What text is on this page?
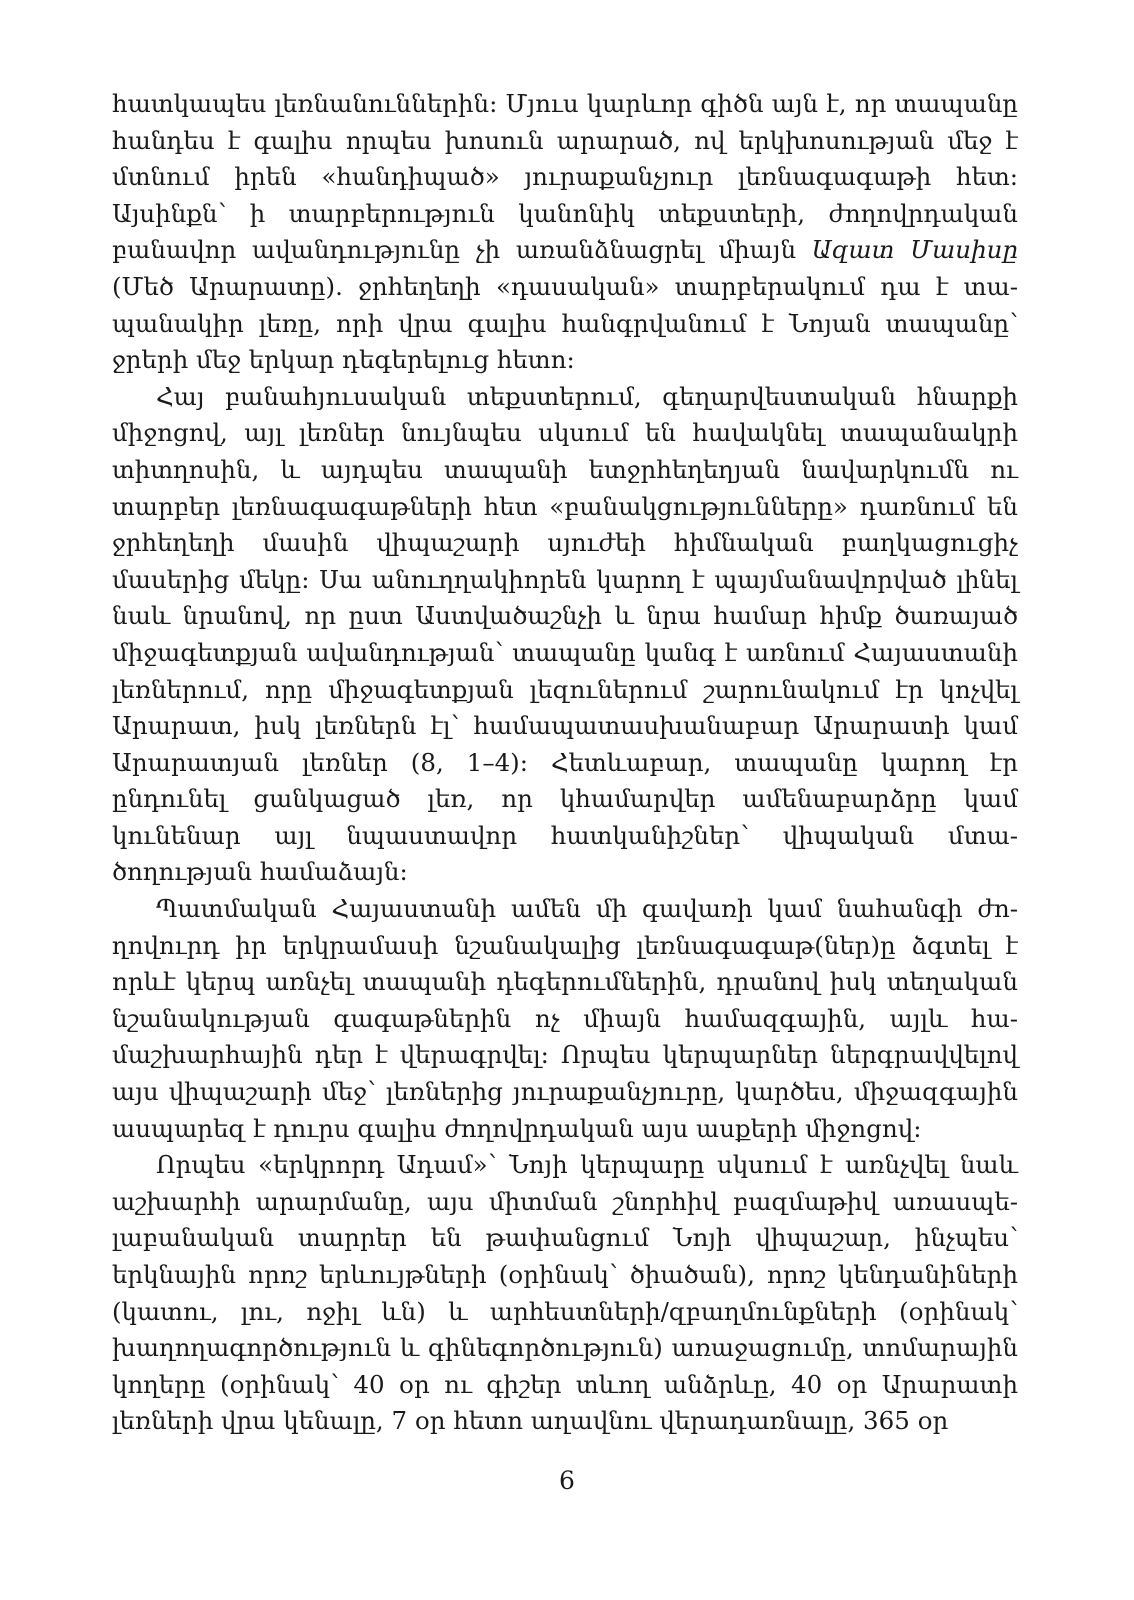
հատկապես լեռնանուններին: Մյուս կարևոր գիծն այն է, որ տապանը հանդես է գալիս որպես խոսուն արարած, ով երկխոսության մեջ է մտնում իրեն «հանդիպած» յուրաքանչյուր լեռնագագաթի հետ: Այսինքն՝ ի տարբերություն կանոնիկ տեքստերի, ժողովրդական բանավոր ավանդությունը չի առանձնացրել միայն Ազատ Մասիսը (Մեծ Արարատը). ջրհեղեղի «դասական» տարբերակում դա է տապանակիր լեռը, որի վրա գալիս հանգրվանում է Նոյան տապանը՝ ջրերի մեջ երկար դեգերելուց հետո:

Հայ բանահյուսական տեքստերում, գեղարվեստական հնարքի միջոցով, այլ լեռներ նույնպես սկսում են հավակնել տապանակրի տիտղոսին, և այդպես տապանի ետջրհեղեղյան նավարկումն ու տարբեր լեռնագագաթների հետ «բանակցությունները» դառնում են ջրհեղեղի մասին վիպաշարի սյուժեի հիմնական բաղկացուցիչ մասերից մեկը: Սա անուղղակիորեն կարող է պայմանավորված լինել նաև նրանով, որ ըստ Աստվածաշնչի և նրա համար հիմք ծառայած միջագետքյան ավանդության՝ տապանը կանգ է առնում Հայաստանի լեռներում, որը միջագետքյան լեզուներում շարունակում էր կոչվել Արարատ, իսկ լեռներն էլ՝ համապատասխանաբար Արարատի կամ Արարատյան լեռներ (8, 1–4): Հետևաբար, տապանը կարող էր ընդունել ցանկացած լեռ, որ կհամարվեր ամենաբարձրը կամ կունենար այլ նպաստավոր հատկանիշներ՝ վիպական մտածողության համաձայն:

Պատմական Հայաստանի ամեն մի գավառի կամ նահանգի ժողովուրդ իր երկրամասի նշանակալից լեռնագագաթ(ներ)ը ձգտել է որևէ կերպ առնչել տապանի դեգերումներին, դրանով իսկ տեղական նշանակության գագաթներին ոչ միայն համազգային, այլև համաշխարհային դեր է վերագրվել: Որպես կերպարներ ներգրավվելով այս վիպաշարի մեջ՝ լեռներից յուրաքանչյուրը, կարծես, միջազգային ասպարեզ է դուրս գալիս ժողովրդական այս ասքերի միջոցով:

Որպես «երկրորդ Ադամ»՝ Նոյի կերպարը սկսում է առնչվել նաև աշխարհի արարմանը, այս միտման շնորհիվ բազմաթիվ առասպելաբանական տարրեր են թափանցում Նոյի վիպաշար, ինչպես՝ երկնային որոշ երևույթների (օրինակ՝ ծիածան), որոշ կենդանիների (կատու, լու, ոջիլ ևն) և արհեստների/զբաղմունքների (օրինակ՝ խաղողագործություն և գինեգործություն) առաջացումը, տոմարային կողերը (օրինակ՝ 40 օր ու գիշեր տևող անձրևը, 40 օր Արարատի լեռների վրա կենալը, 7 օր հետո աղավնու վերադառնալը, 365 օր

6
